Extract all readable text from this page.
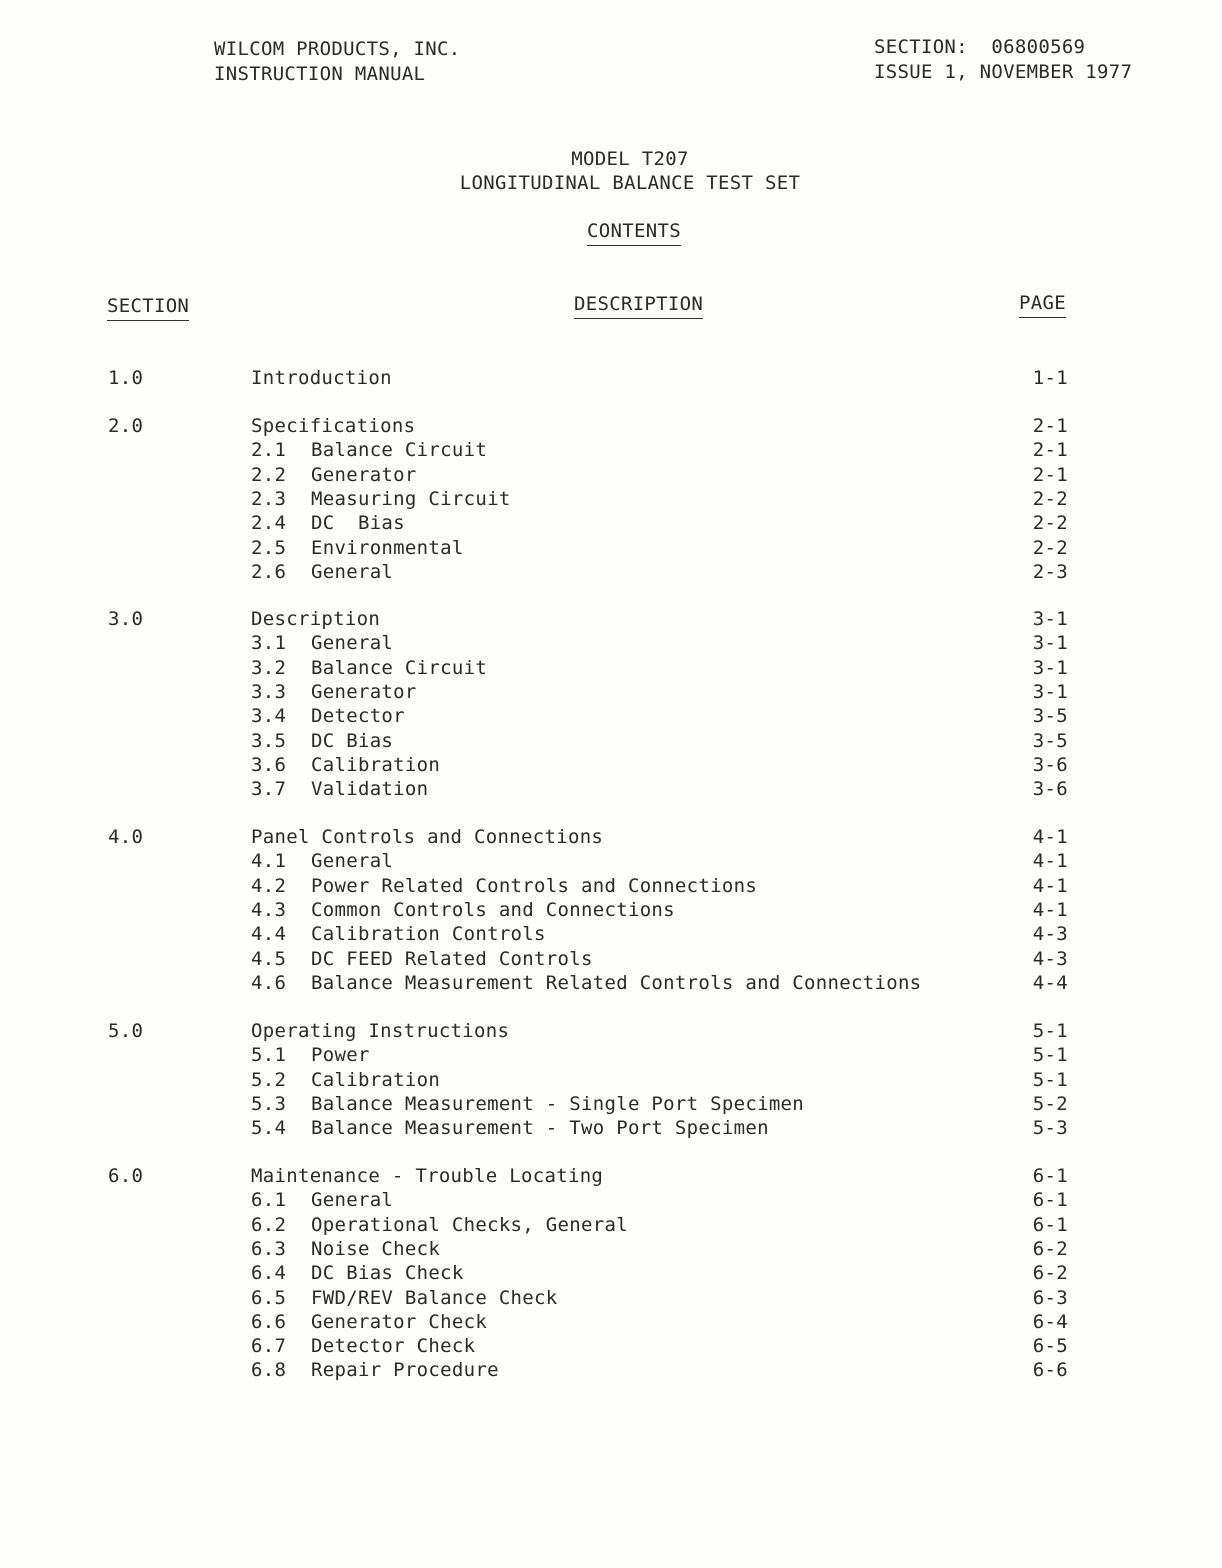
WILCOM PRODUCTS, INC.
INSTRUCTION MANUAL
SECTION:  06800569
ISSUE 1, NOVEMBER 1977
MODEL T207
LONGITUDINAL BALANCE TEST SET
CONTENTS
SECTION	DESCRIPTION	PAGE
1.0	Introduction	1-1
2.0	Specifications	2-1
2.1 Balance Circuit	2-1
2.2 Generator	2-1
2.3 Measuring Circuit	2-2
2.4 DC  Bias	2-2
2.5 Environmental	2-2
2.6 General	2-3
3.0	Description	3-1
3.1 General	3-1
3.2 Balance Circuit	3-1
3.3 Generator	3-1
3.4 Detector	3-5
3.5 DC Bias	3-5
3.6 Calibration	3-6
3.7 Validation	3-6
4.0	Panel Controls and Connections	4-1
4.1 General	4-1
4.2 Power Related Controls and Connections	4-1
4.3 Common Controls and Connections	4-1
4.4 Calibration Controls	4-3
4.5 DC FEED Related Controls	4-3
4.6 Balance Measurement Related Controls and Connections	4-4
5.0	Operating Instructions	5-1
5.1 Power	5-1
5.2 Calibration	5-1
5.3 Balance Measurement - Single Port Specimen	5-2
5.4 Balance Measurement - Two Port Specimen	5-3
6.0	Maintenance - Trouble Locating	6-1
6.1 General	6-1
6.2 Operational Checks, General	6-1
6.3 Noise Check	6-2
6.4 DC Bias Check	6-2
6.5 FWD/REV Balance Check	6-3
6.6 Generator Check	6-4
6.7 Detector Check	6-5
6.8 Repair Procedure	6-6
